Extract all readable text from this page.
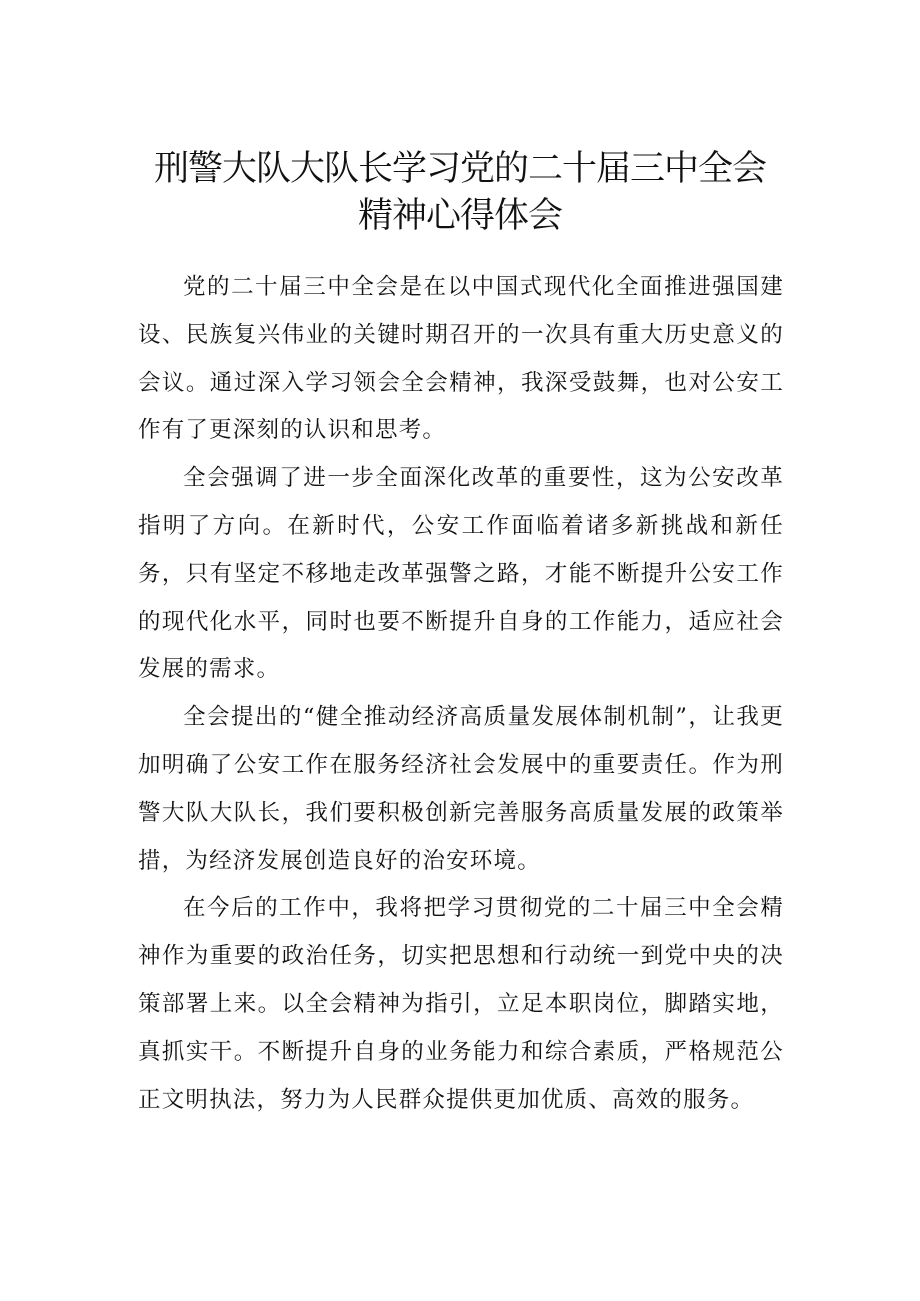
刑警大队大队长学习党的二十届三中全会
精神心得体会

党的二十届三中全会是在以中国式现代化全面推进强国建设、民族复兴伟业的关键时期召开的一次具有重大历史意义的会议。通过深入学习领会全会精神，我深受鼓舞，也对公安工作有了更深刻的认识和思考。

全会强调了进一步全面深化改革的重要性，这为公安改革指明了方向。在新时代，公安工作面临着诸多新挑战和新任务，只有坚定不移地走改革强警之路，才能不断提升公安工作的现代化水平，同时也要不断提升自身的工作能力，适应社会发展的需求。

全会提出的“健全推动经济高质量发展体制机制”，让我更加明确了公安工作在服务经济社会发展中的重要责任。作为刑警大队大队长，我们要积极创新完善服务高质量发展的政策举措，为经济发展创造良好的治安环境。

在今后的工作中，我将把学习贯彻党的二十届三中全会精神作为重要的政治任务，切实把思想和行动统一到党中央的决策部署上来。以全会精神为指引，立足本职岗位，脚踏实地，真抓实干。不断提升自身的业务能力和综合素质，严格规范公正文明执法，努力为人民群众提供更加优质、高效的服务。
